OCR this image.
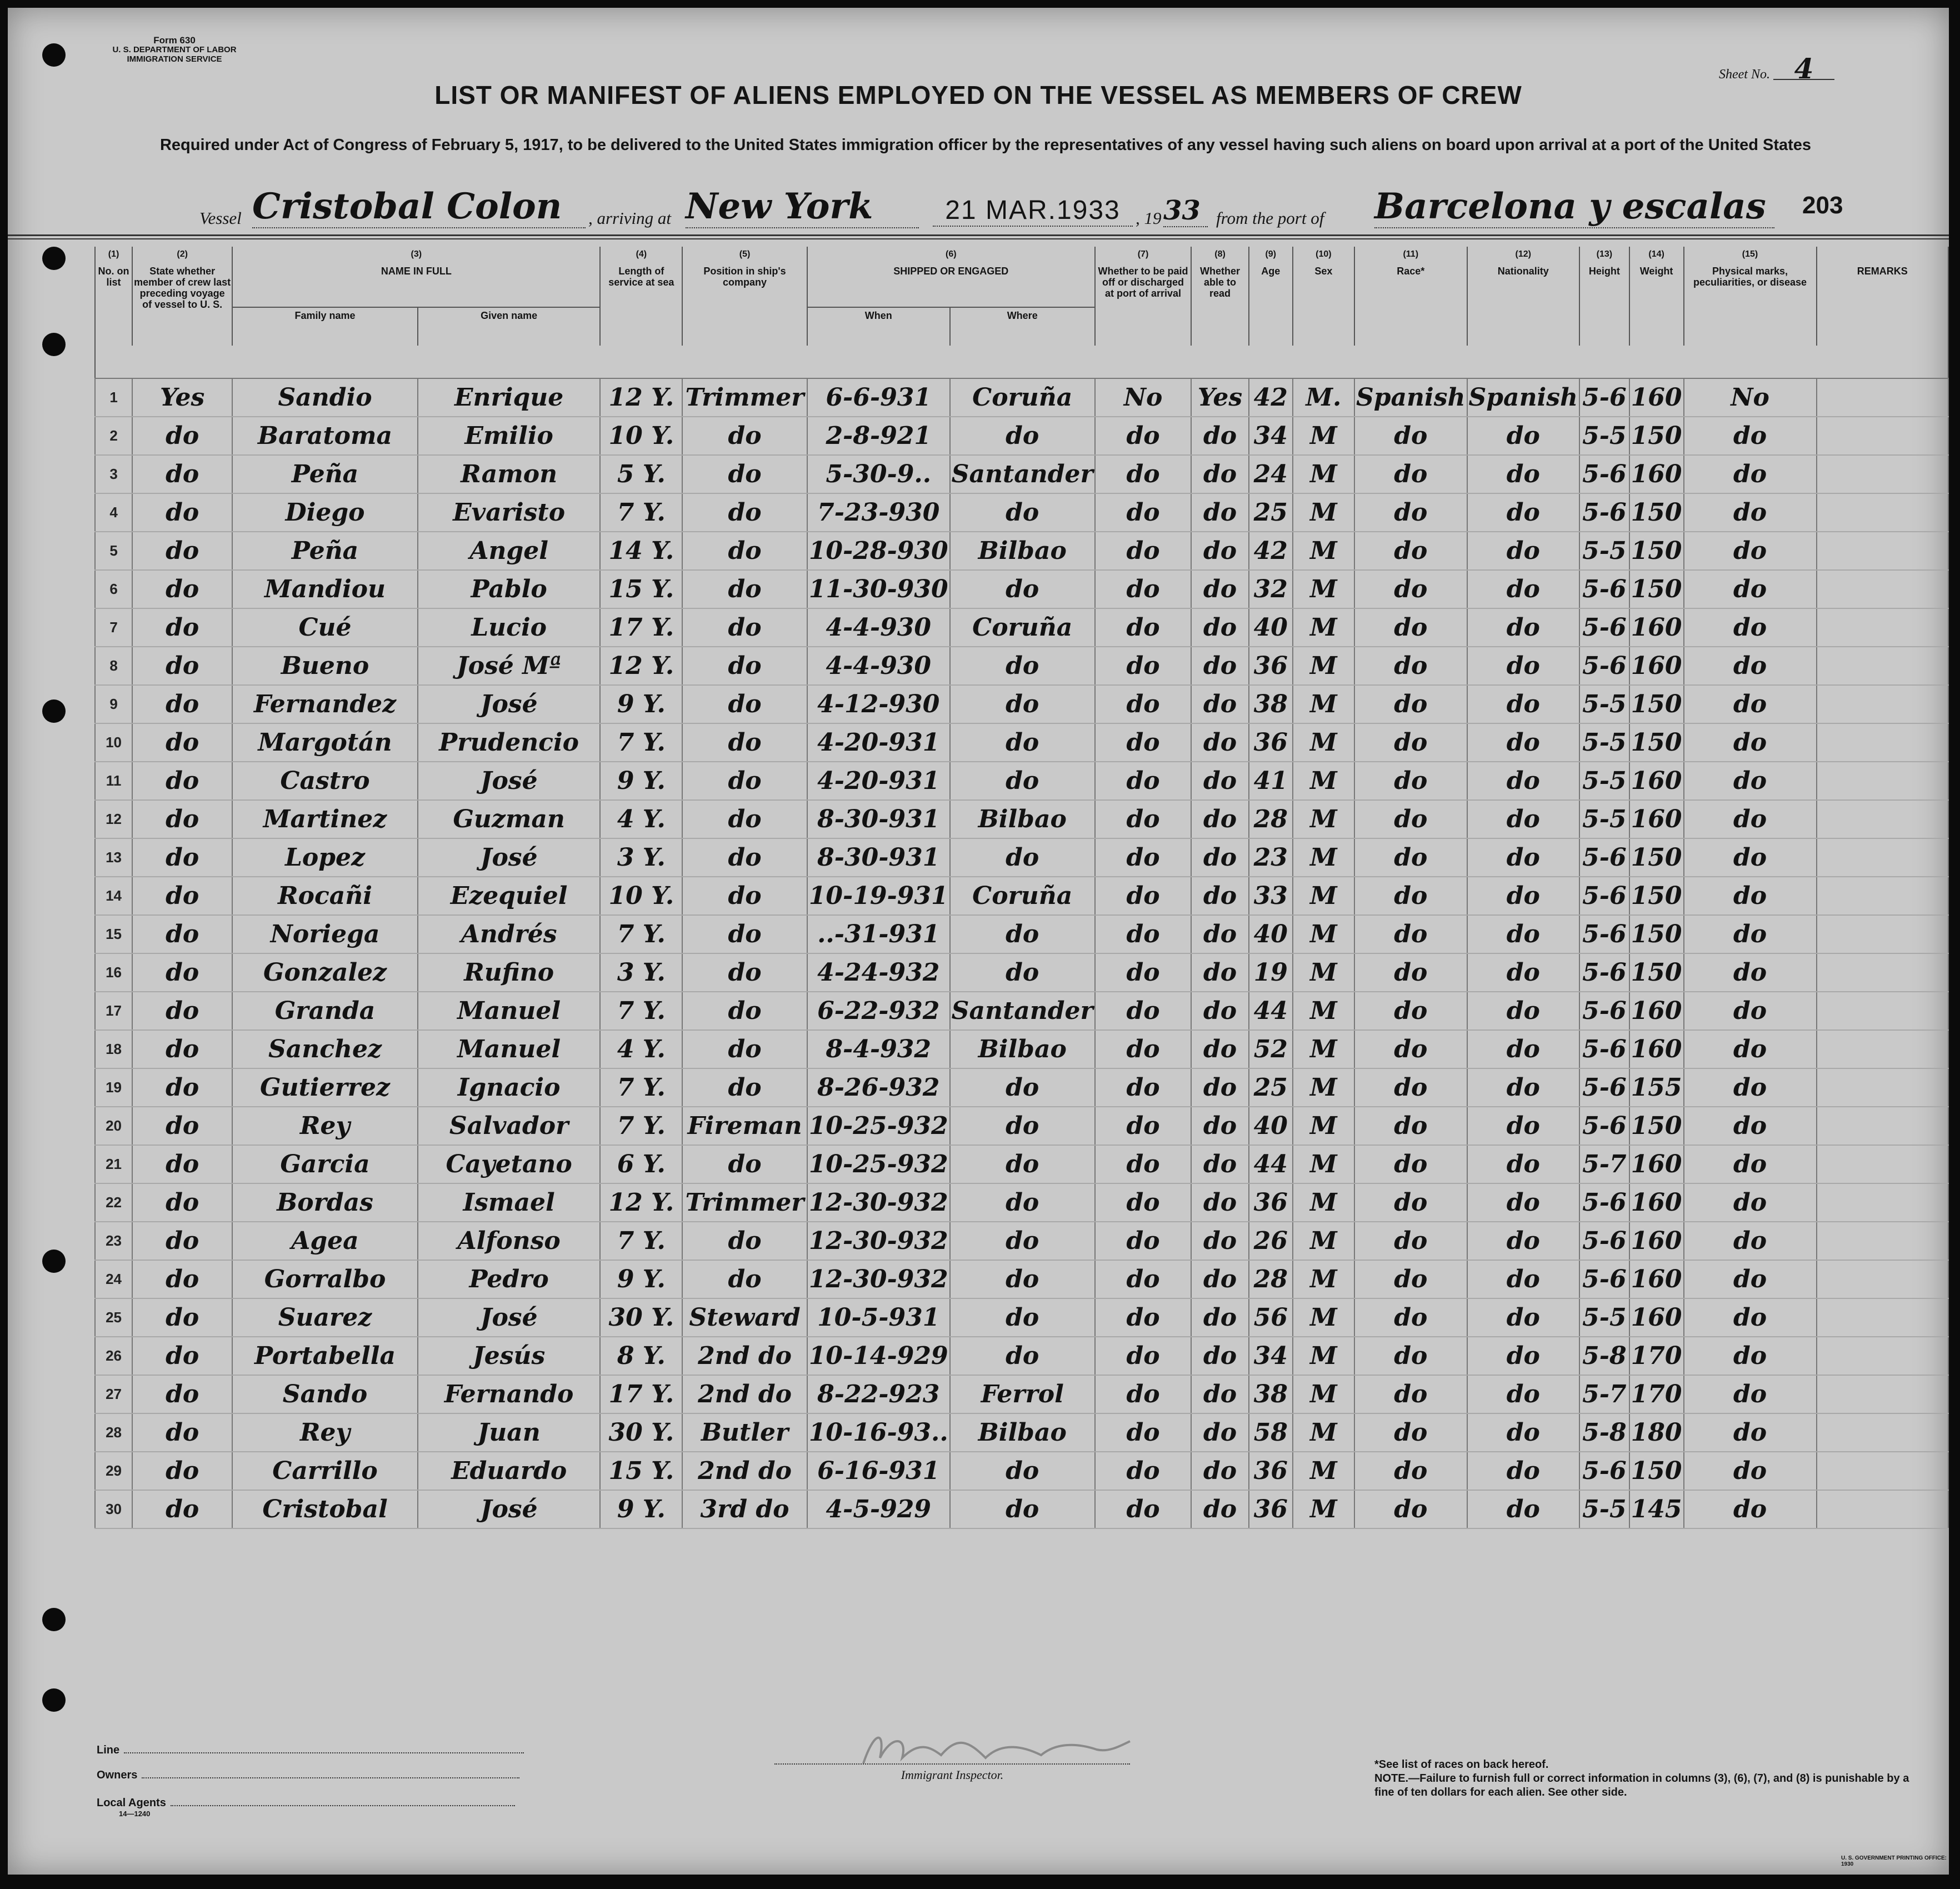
Form 630
U. S. DEPARTMENT OF LABOR
IMMIGRATION SERVICE
Sheet No. 4
LIST OR MANIFEST OF ALIENS EMPLOYED ON THE VESSEL AS MEMBERS OF CREW
Required under Act of Congress of February 5, 1917, to be delivered to the United States immigration officer by the representatives of any vessel having such aliens on board upon arrival at a port of the United States
Vessel Cristobal Colon	, arriving at New York	21 MAR.1933 , 19 33 from the port of Barcelona y escalas	203
(1)
No. on list	(2)
State whether member of crew last preceding voyage of vessel to U. S.	(3)
NAME IN FULL		(4)
Length of service at sea	(5)
Position in ship's company	(6)
SHIPPED OR ENGAGED		(7)
Whether to be paid off or discharged at port of arrival	(8)
Whether able to read	(9)
Age	(10)
Sex	(11)
Race*	(12)
Nationality	(13)
Height	(14)
Weight	(15)
Physical marks, peculiarities, or disease	REMARKS
		Family name	Given name			When	Where										

1	Yes	Sandio	Enrique	12 Y.	Trimmer	6-6-931	Coruña	No	Yes	42	M.	Spanish	Spanish	5-6	160	No	
2	do	Baratoma	Emilio	10 Y.	do	2-8-921	do	do	do	34	M	do	do	5-5	150	do	
3	do	Peña	Ramon	5 Y.	do	5-30-9..	Santander	do	do	24	M	do	do	5-6	160	do	
4	do	Diego	Evaristo	7 Y.	do	7-23-930	do	do	do	25	M	do	do	5-6	150	do	
5	do	Peña	Angel	14 Y.	do	10-28-930	Bilbao	do	do	42	M	do	do	5-5	150	do	
6	do	Mandiou	Pablo	15 Y.	do	11-30-930	do	do	do	32	M	do	do	5-6	150	do	
7	do	Cué	Lucio	17 Y.	do	4-4-930	Coruña	do	do	40	M	do	do	5-6	160	do	
8	do	Bueno	José Mª	12 Y.	do	4-4-930	do	do	do	36	M	do	do	5-6	160	do	
9	do	Fernandez	José	9 Y.	do	4-12-930	do	do	do	38	M	do	do	5-5	150	do	
10	do	Margotán	Prudencio	7 Y.	do	4-20-931	do	do	do	36	M	do	do	5-5	150	do	
11	do	Castro	José	9 Y.	do	4-20-931	do	do	do	41	M	do	do	5-5	160	do	
12	do	Martinez	Guzman	4 Y.	do	8-30-931	Bilbao	do	do	28	M	do	do	5-5	160	do	
13	do	Lopez	José	3 Y.	do	8-30-931	do	do	do	23	M	do	do	5-6	150	do	
14	do	Rocañi	Ezequiel	10 Y.	do	10-19-931	Coruña	do	do	33	M	do	do	5-6	150	do	
15	do	Noriega	Andrés	7 Y.	do	..-31-931	do	do	do	40	M	do	do	5-6	150	do	
16	do	Gonzalez	Rufino	3 Y.	do	4-24-932	do	do	do	19	M	do	do	5-6	150	do	
17	do	Granda	Manuel	7 Y.	do	6-22-932	Santander	do	do	44	M	do	do	5-6	160	do	
18	do	Sanchez	Manuel	4 Y.	do	8-4-932	Bilbao	do	do	52	M	do	do	5-6	160	do	
19	do	Gutierrez	Ignacio	7 Y.	do	8-26-932	do	do	do	25	M	do	do	5-6	155	do	
20	do	Rey	Salvador	7 Y.	Fireman	10-25-932	do	do	do	40	M	do	do	5-6	150	do	
21	do	Garcia	Cayetano	6 Y.	do	10-25-932	do	do	do	44	M	do	do	5-7	160	do	
22	do	Bordas	Ismael	12 Y.	Trimmer	12-30-932	do	do	do	36	M	do	do	5-6	160	do	
23	do	Agea	Alfonso	7 Y.	do	12-30-932	do	do	do	26	M	do	do	5-6	160	do	
24	do	Gorralbo	Pedro	9 Y.	do	12-30-932	do	do	do	28	M	do	do	5-6	160	do	
25	do	Suarez	José	30 Y.	Steward	10-5-931	do	do	do	56	M	do	do	5-5	160	do	
26	do	Portabella	Jesús	8 Y.	2nd do	10-14-929	do	do	do	34	M	do	do	5-8	170	do	
27	do	Sando	Fernando	17 Y.	2nd do	8-22-923	Ferrol	do	do	38	M	do	do	5-7	170	do	
28	do	Rey	Juan	30 Y.	Butler	10-16-93..	Bilbao	do	do	58	M	do	do	5-8	180	do	
29	do	Carrillo	Eduardo	15 Y.	2nd do	6-16-931	do	do	do	36	M	do	do	5-6	150	do	
30	do	Cristobal	José	9 Y.	3rd do	4-5-929	do	do	do	36	M	do	do	5-5	145	do	
Line
Owners
Local Agents
14—1240
Immigrant Inspector.
*See list of races on back hereof.
NOTE.—Failure to furnish full or correct information in columns (3), (6), (7), and (8) is punishable by a fine of ten dollars for each alien. See other side.
U. S. GOVERNMENT PRINTING OFFICE: 1930
